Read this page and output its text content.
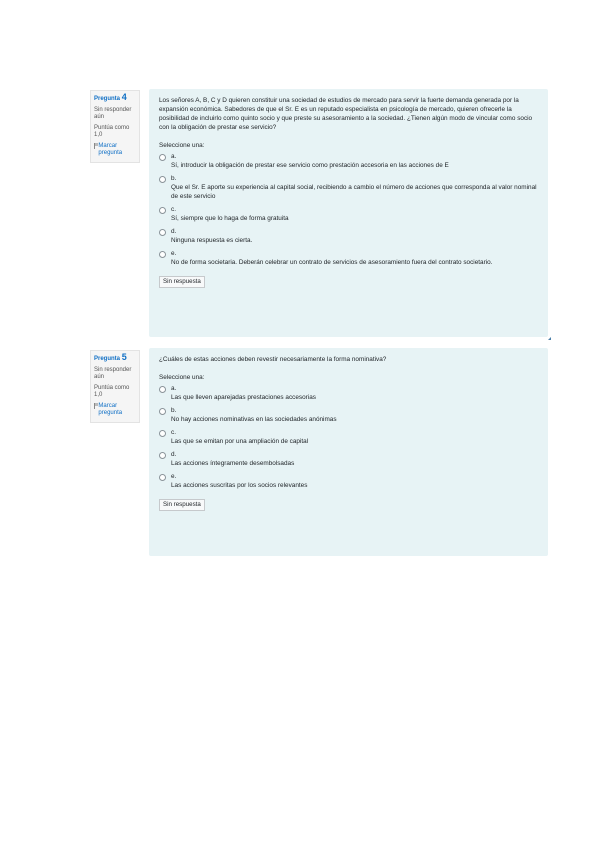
Pregunta 4
Sin responder aún
Puntúa como 1,0
Marcar pregunta

Los señores A, B, C y D quieren constituir una sociedad de estudios de mercado para servir la fuerte demanda generada por la expansión económica. Sabedores de que el Sr. E es un reputado especialista en psicología de mercado, quieren ofrecerle la posibilidad de incluirlo como quinto socio y que preste su asesoramiento a la sociedad. ¿Tienen algún modo de vincular como socio con la obligación de prestar ese servicio?

Seleccione una:

a.
Sí, introducir la obligación de prestar ese servicio como prestación accesoria en las acciones de E
b.
Que el Sr. E aporte su experiencia al capital social, recibiendo a cambio el número de acciones que corresponda al valor nominal de este servicio
c.
Sí, siempre que lo haga de forma gratuita
d.
Ninguna respuesta es cierta.
e.
No de forma societaria. Deberán celebrar un contrato de servicios de asesoramiento fuera del contrato societario.
Sin respuesta
Pregunta 5
Sin responder aún
Puntúa como 1,0
Marcar pregunta

¿Cuáles de estas acciones deben revestir necesariamente la forma nominativa?

Seleccione una:

a.
Las que lleven aparejadas prestaciones accesorias
b.
No hay acciones nominativas en las sociedades anónimas
c.
Las que se emitan por una ampliación de capital
d.
Las acciones íntegramente desembolsadas
e.
Las acciones suscritas por los socios relevantes
Sin respuesta
